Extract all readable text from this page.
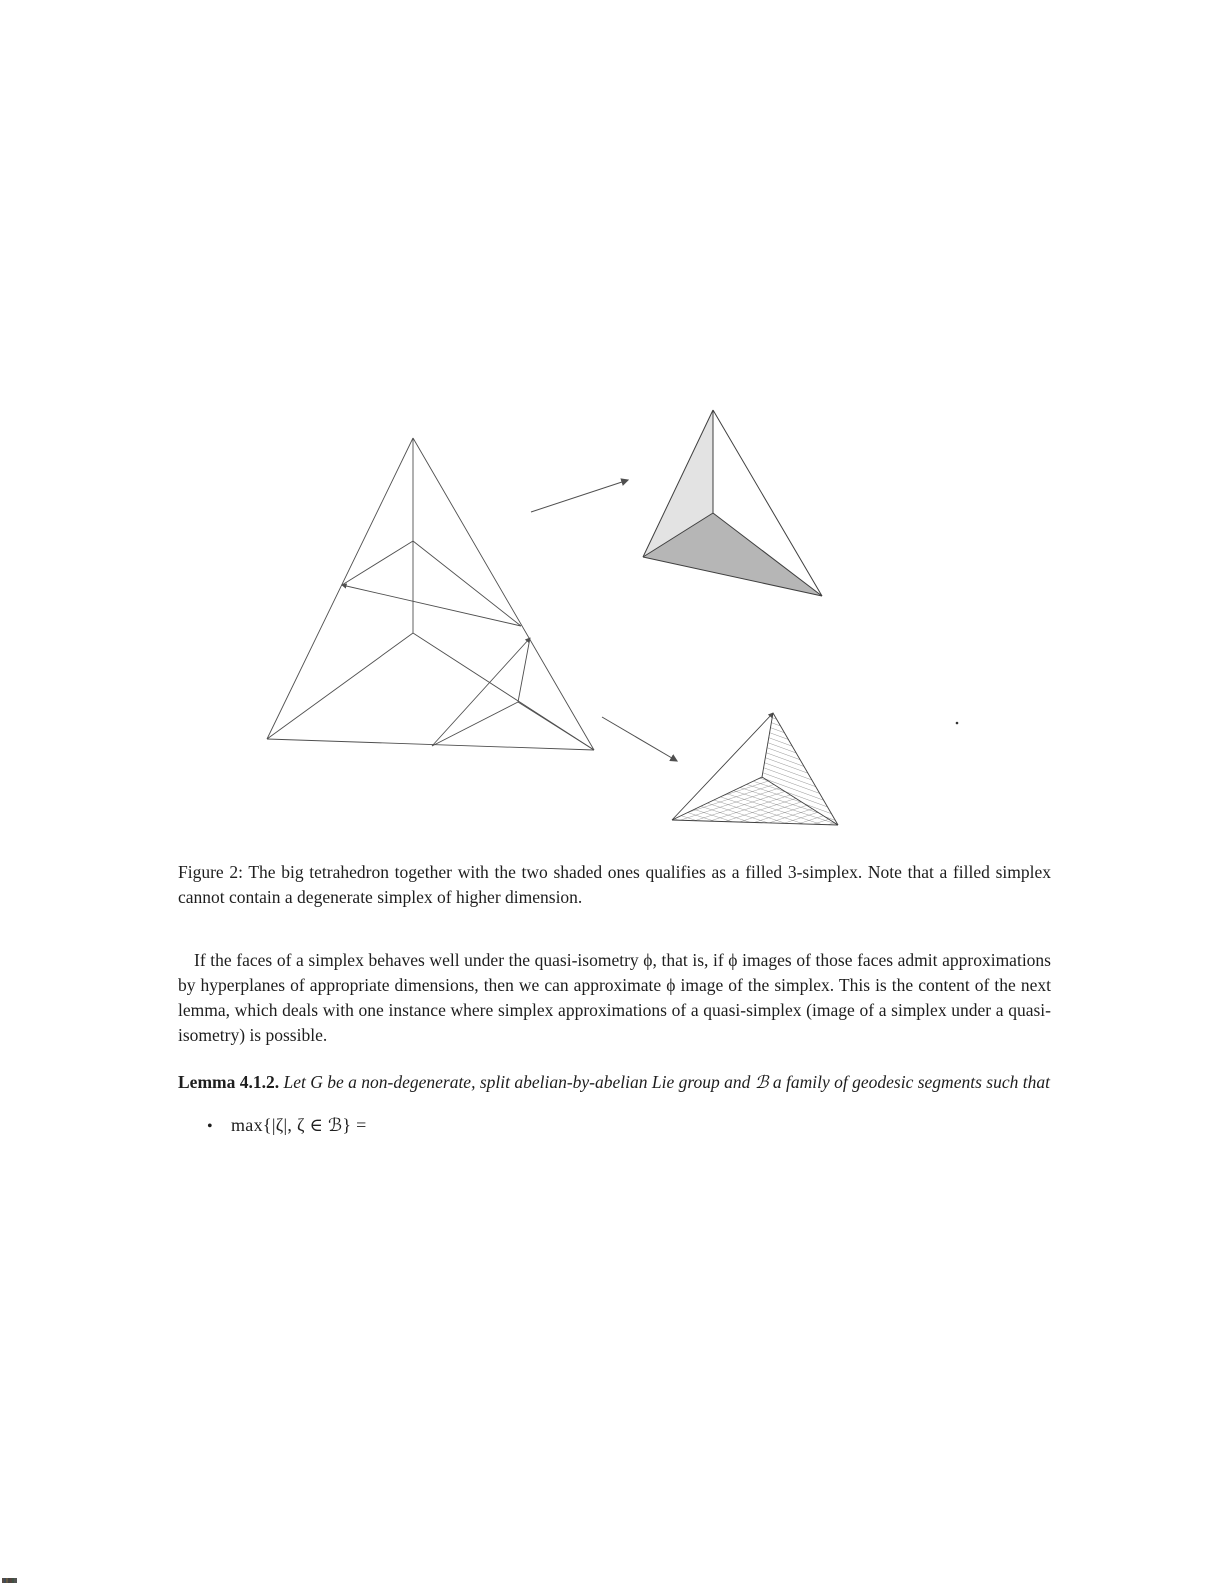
Figure 2: The big tetrahedron together with the two shaded ones qualifies as a filled 3-simplex. Note that a filled simplex cannot contain a degenerate simplex of higher dimension.

If the faces of a simplex behaves well under the quasi-isometry ϕ, that is, if ϕ images of those faces admit approximations by hyperplanes of appropriate dimensions, then we can approximate ϕ image of the simplex. This is the content of the next lemma, which deals with one instance where simplex approximations of a quasi-simplex (image of a simplex under a quasi-isometry) is possible.

Lemma 4.1.2. Let G be a non-degenerate, split abelian-by-abelian Lie group and ℬ a family of geodesic segments such that

• max{|ζ|, ζ ∈ ℬ} =
